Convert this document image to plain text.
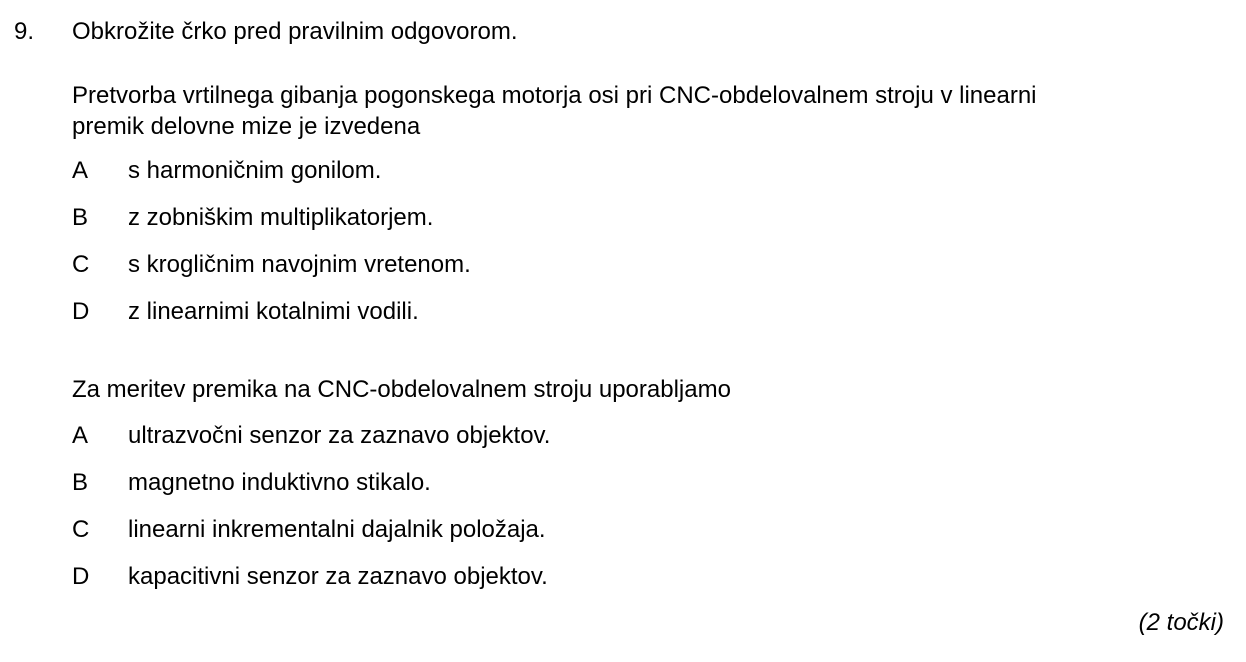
9. Obkrožite črko pred pravilnim odgovorom.
Pretvorba vrtilnega gibanja pogonskega motorja osi pri CNC-obdelovalnem stroju v linearni
premik delovne mize je izvedena
A	s harmoničnim gonilom.
B	z zobniškim multiplikatorjem.
C	s krogličnim navojnim vretenom.
D	z linearnimi kotalnimi vodili.
Za meritev premika na CNC-obdelovalnem stroju uporabljamo
A	ultrazvočni senzor za zaznavo objektov.
B	magnetno induktivno stikalo.
C	linearni inkrementalni dajalnik položaja.
D	kapacitivni senzor za zaznavo objektov.
(2 točki)
